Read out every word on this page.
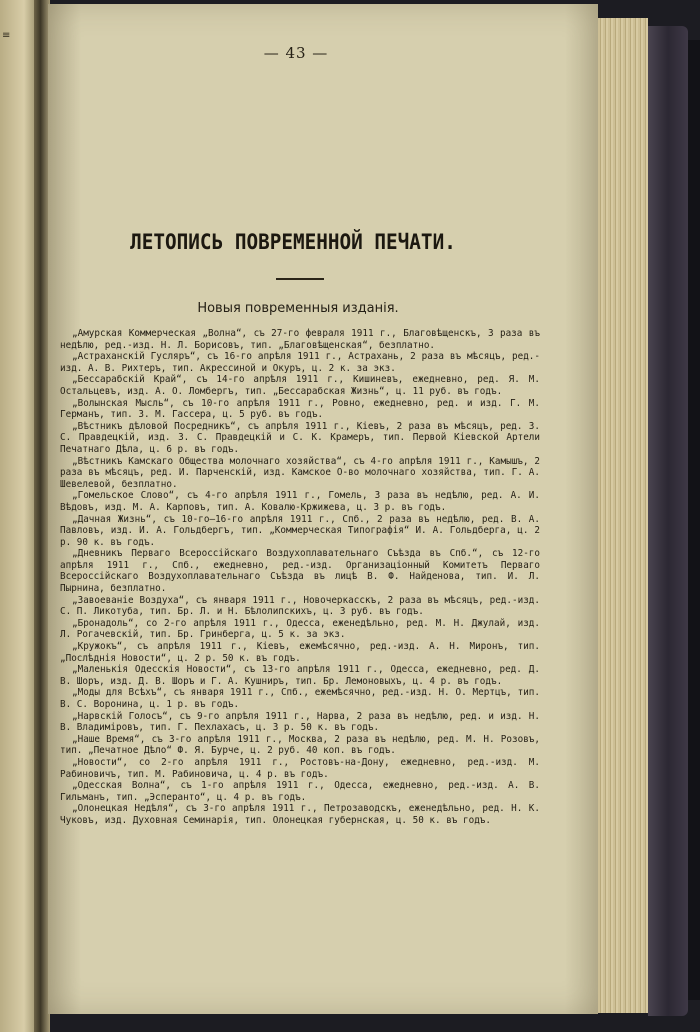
≡
— 43 —
ЛЕТОПИСЬ ПОВРЕМЕННОЙ ПЕЧАТИ.
Новыя повременныя изданія.

„Амурская Коммерческая „Волна“, съ 27-го февраля 1911 г., Благовѣщенскъ, 3 раза въ недѣлю, ред.-изд. Н. Л. Борисовъ, тип. „Благовѣщенская“, безплатно.

„Астраханскій Гусляръ“, съ 16-го апрѣля 1911 г., Астрахань, 2 раза въ мѣсяцъ, ред.-изд. А. В. Рихтеръ, тип. Акрессиной и Окуръ, ц. 2 к. за экз.

„Бессарабскій Край“, съ 14-го апрѣля 1911 г., Кишиневъ, ежедневно, ред. Я. М. Остальцевъ, изд. А. О. Ломбергъ, тип. „Бессарабская Жизнь“, ц. 11 руб. въ годъ.

„Волынская Мысль“, съ 10-го апрѣля 1911 г., Ровно, ежедневно, ред. и изд. Г. М. Германъ, тип. З. М. Гассера, ц. 5 руб. въ годъ.

„Вѣстникъ дѣловой Посредникъ“, съ апрѣля 1911 г., Кіевъ, 2 раза въ мѣсяцъ, ред. З. С. Правдецкій, изд. З. С. Правдецкій и С. К. Крамеръ, тип. Первой Кіевской Артели Печатнаго Дѣла, ц. 6 р. въ годъ.

„Вѣстникъ Камскаго Общества молочнаго хозяйства“, съ 4-го апрѣля 1911 г., Камышъ, 2 раза въ мѣсяцъ, ред. И. Парченскій, изд. Камское О-во молочнаго хозяйства, тип. Г. А. Шевелевой, безплатно.

„Гомельское Слово“, съ 4-го апрѣля 1911 г., Гомель, 3 раза въ недѣлю, ред. А. И. Вѣдовъ, изд. М. А. Карповъ, тип. А. Ковалю-Кржижева, ц. 3 р. въ годъ.

„Дачная Жизнь“, съ 10-го—16-го апрѣля 1911 г., Спб., 2 раза въ недѣлю, ред. В. А. Павловъ, изд. И. А. Гольдбергъ, тип. „Коммерческая Типографія“ И. А. Гольдберга, ц. 2 р. 90 к. въ годъ.

„Дневникъ Перваго Всероссійскаго Воздухоплавательнаго Съѣзда въ Спб.“, съ 12-го апрѣля 1911 г., Спб., ежедневно, ред.-изд. Организаціонный Комитетъ Перваго Всероссійскаго Воздухоплавательнаго Съѣзда въ лицѣ В. Ф. Найденова, тип. И. Л. Пырнина, безплатно.

„Завоеваніе Воздуха“, съ января 1911 г., Новочеркасскъ, 2 раза въ мѣсяцъ, ред.-изд. С. П. Ликотуба, тип. Бр. Л. и Н. Бѣлолипскихъ, ц. 3 руб. въ годъ.

„Бронадоль“, со 2-го апрѣля 1911 г., Одесса, еженедѣльно, ред. М. Н. Джулай, изд. Л. Рогачевскій, тип. Бр. Гринберга, ц. 5 к. за экз.

„Кружокъ“, съ апрѣля 1911 г., Кіевъ, ежемѣсячно, ред.-изд. А. Н. Миронъ, тип. „Послѣднія Новости“, ц. 2 р. 50 к. въ годъ.

„Маленькія Одесскія Новости“, съ 13-го апрѣля 1911 г., Одесса, ежедневно, ред. Д. В. Шоръ, изд. Д. В. Шоръ и Г. А. Кушниръ, тип. Бр. Лемоновыхъ, ц. 4 р. въ годъ.

„Моды для Всѣхъ“, съ января 1911 г., Спб., ежемѣсячно, ред.-изд. Н. О. Мертцъ, тип. В. С. Воронина, ц. 1 р. въ годъ.

„Нарвскій Голосъ“, съ 9-го апрѣля 1911 г., Нарва, 2 раза въ недѣлю, ред. и изд. Н. В. Владиміровъ, тип. Г. Пехлахасъ, ц. 3 р. 50 к. въ годъ.

„Наше Время“, съ 3-го апрѣля 1911 г., Москва, 2 раза въ недѣлю, ред. М. Н. Розовъ, тип. „Печатное Дѣло“ Ф. Я. Бурче, ц. 2 руб. 40 коп. въ годъ.

„Новости“, со 2-го апрѣля 1911 г., Ростовъ-на-Дону, ежедневно, ред.-изд. М. Рабиновичъ, тип. М. Рабиновича, ц. 4 р. въ годъ.

„Одесская Волна“, съ 1-го апрѣля 1911 г., Одесса, ежедневно, ред.-изд. А. В. Гильманъ, тип. „Эсперанто“, ц. 4 р. въ годъ.

„Олонецкая Недѣля“, съ 3-го апрѣля 1911 г., Петрозаводскъ, еженедѣльно, ред. Н. К. Чуковъ, изд. Духовная Семинарія, тип. Олонецкая губернская, ц. 50 к. въ годъ.
